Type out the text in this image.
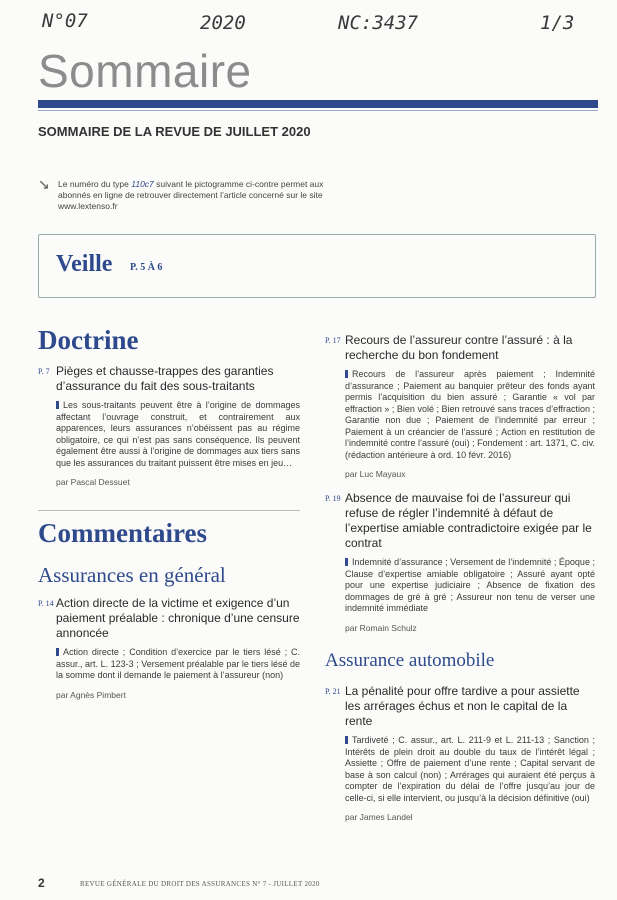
N°07	2020	NC:3437	1/3
Sommaire
SOMMAIRE DE LA REVUE DE JUILLET 2020
⠀
↘ Le numéro du type 110c7 suivant le pictogramme ci-contre permet aux abonnés en ligne de retrouver directement l’article concerné sur le site www.lextenso.fr
Veille P. 5 À 6
Doctrine
P. 7 Pièges et chausse-trappes des garanties d’assurance du fait des sous-traitants
Les sous-traitants peuvent être à l’origine de dommages affectant l’ouvrage construit, et contrairement aux apparences, leurs assurances n’obéissent pas au régime obligatoire, ce qui n’est pas sans conséquence. Ils peuvent également être aussi à l’origine de dommages aux tiers sans que les assurances du traitant puissent être mises en jeu…
par Pascal Dessuet
Commentaires
Assurances en général
P. 14 Action directe de la victime et exigence d’un paiement préalable : chronique d’une censure annoncée
Action directe ; Condition d’exercice par le tiers lésé ; C. assur., art. L. 123-3 ; Versement préalable par le tiers lésé de la somme dont il demande le paiement à l’assureur (non)
par Agnès Pimbert
P. 17 Recours de l’assureur contre l’assuré : à la recherche du bon fondement
Recours de l’assureur après paiement ; Indemnité d’assurance ; Paiement au banquier prêteur des fonds ayant permis l’acquisition du bien assuré ; Garantie « vol par effraction » ; Bien volé ; Bien retrouvé sans traces d’effraction ; Garantie non due ; Paiement de l’indemnité par erreur ; Paiement à un créancier de l’assuré ; Action en restitution de l’indemnité contre l’assuré (oui) ; Fondement : art. 1371, C. civ. (rédaction antérieure à ord. 10 févr. 2016)
par Luc Mayaux
P. 19 Absence de mauvaise foi de l’assureur qui refuse de régler l’indemnité à défaut de l’expertise amiable contradictoire exigée par le contrat
Indemnité d’assurance ; Versement de l’indemnité ; Époque ; Clause d’expertise amiable obligatoire ; Assuré ayant opté pour une expertise judiciaire ; Absence de fixation des dommages de gré à gré ; Assureur non tenu de verser une indemnité immédiate
par Romain Schulz
Assurance automobile
P. 21 La pénalité pour offre tardive a pour assiette les arrérages échus et non le capital de la rente
Tardiveté ; C. assur., art. L. 211-9 et L. 211-13 ; Sanction ; Intérêts de plein droit au double du taux de l’intérêt légal ; Assiette ; Offre de paiement d’une rente ; Capital servant de base à son calcul (non) ; Arrérages qui auraient été perçus à compter de l’expiration du délai de l’offre jusqu’au jour de celle-ci, si elle intervient, ou jusqu’à la décision définitive (oui)
par James Landel
2	REVUE GÉNÉRALE DU DROIT DES ASSURANCES N° 7 - JUILLET 2020
